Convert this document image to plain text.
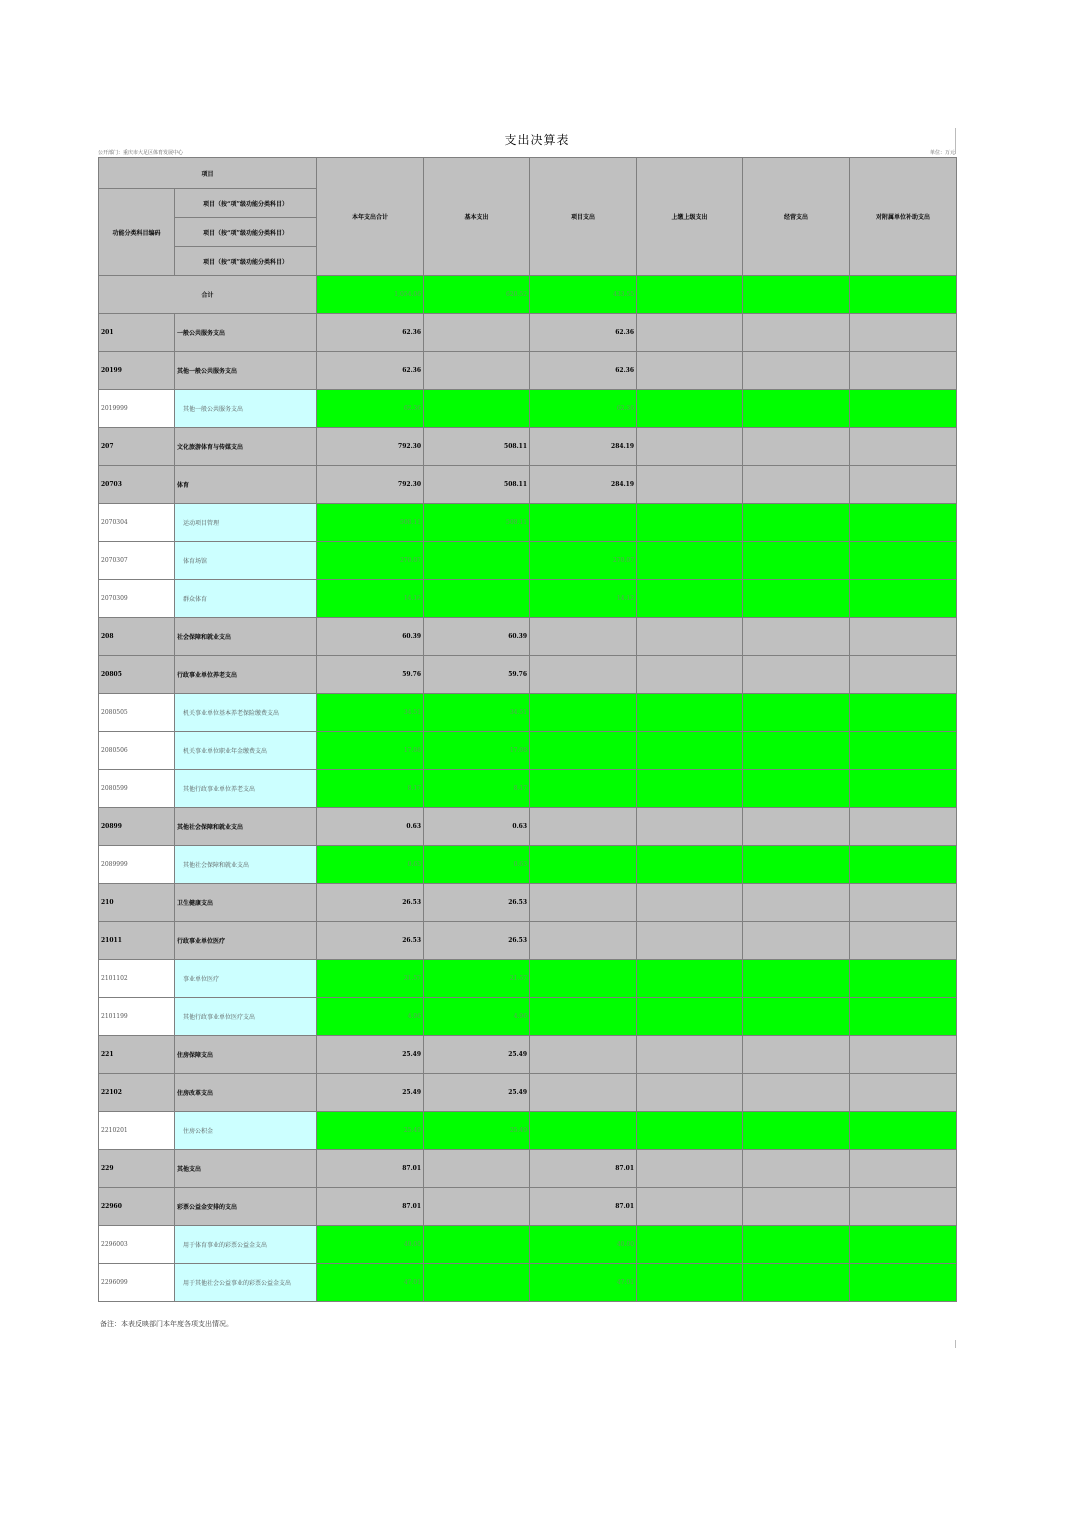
支出决算表
公开部门：重庆市大足区体育发展中心	单位：万元
项目		本年支出合计	基本支出	项目支出	上缴上级支出	经营支出	对附属单位补助支出
功能分类科目编码	项目（按“项”级功能分类科目）						
	项目（按“项”级功能分类科目）						
	项目（按“项”级功能分类科目）						
合计		1,054.06	620.52	433.55			
201	一般公共服务支出	62.36		62.36			
20199	其他一般公共服务支出	62.36		62.36			
2019999	其他一般公共服务支出	62.36		62.36			
207	文化旅游体育与传媒支出	792.30	508.11	284.19			
20703	体育	792.30	508.11	284.19			
2070304	运动项目管理	508.11	508.11				
2070307	体育场馆	270.07		270.07			
2070309	群众体育	14.12		14.12			
208	社会保障和就业支出	60.39	60.39				
20805	行政事业单位养老支出	59.76	59.76				
2080505	机关事业单位基本养老保险缴费支出	34.51	34.51				
2080506	机关事业单位职业年金缴费支出	17.08	17.08				
2080599	其他行政事业单位养老支出	8.17	8.17				
20899	其他社会保障和就业支出	0.63	0.63				
2089999	其他社会保障和就业支出	0.63	0.63				
210	卫生健康支出	26.53	26.53				
21011	行政事业单位医疗	26.53	26.53				
2101102	事业单位医疗	21.57	21.57				
2101199	其他行政事业单位医疗支出	4.96	4.96				
221	住房保障支出	25.49	25.49				
22102	住房改革支出	25.49	25.49				
2210201	住房公积金	25.49	25.49				
229	其他支出	87.01		87.01			
22960	彩票公益金安排的支出	87.01		87.01			
2296003	用于体育事业的彩票公益金支出	40.00		40.00			
2296099	用于其他社会公益事业的彩票公益金支出	47.01		47.01			
备注：本表反映部门本年度各项支出情况。
